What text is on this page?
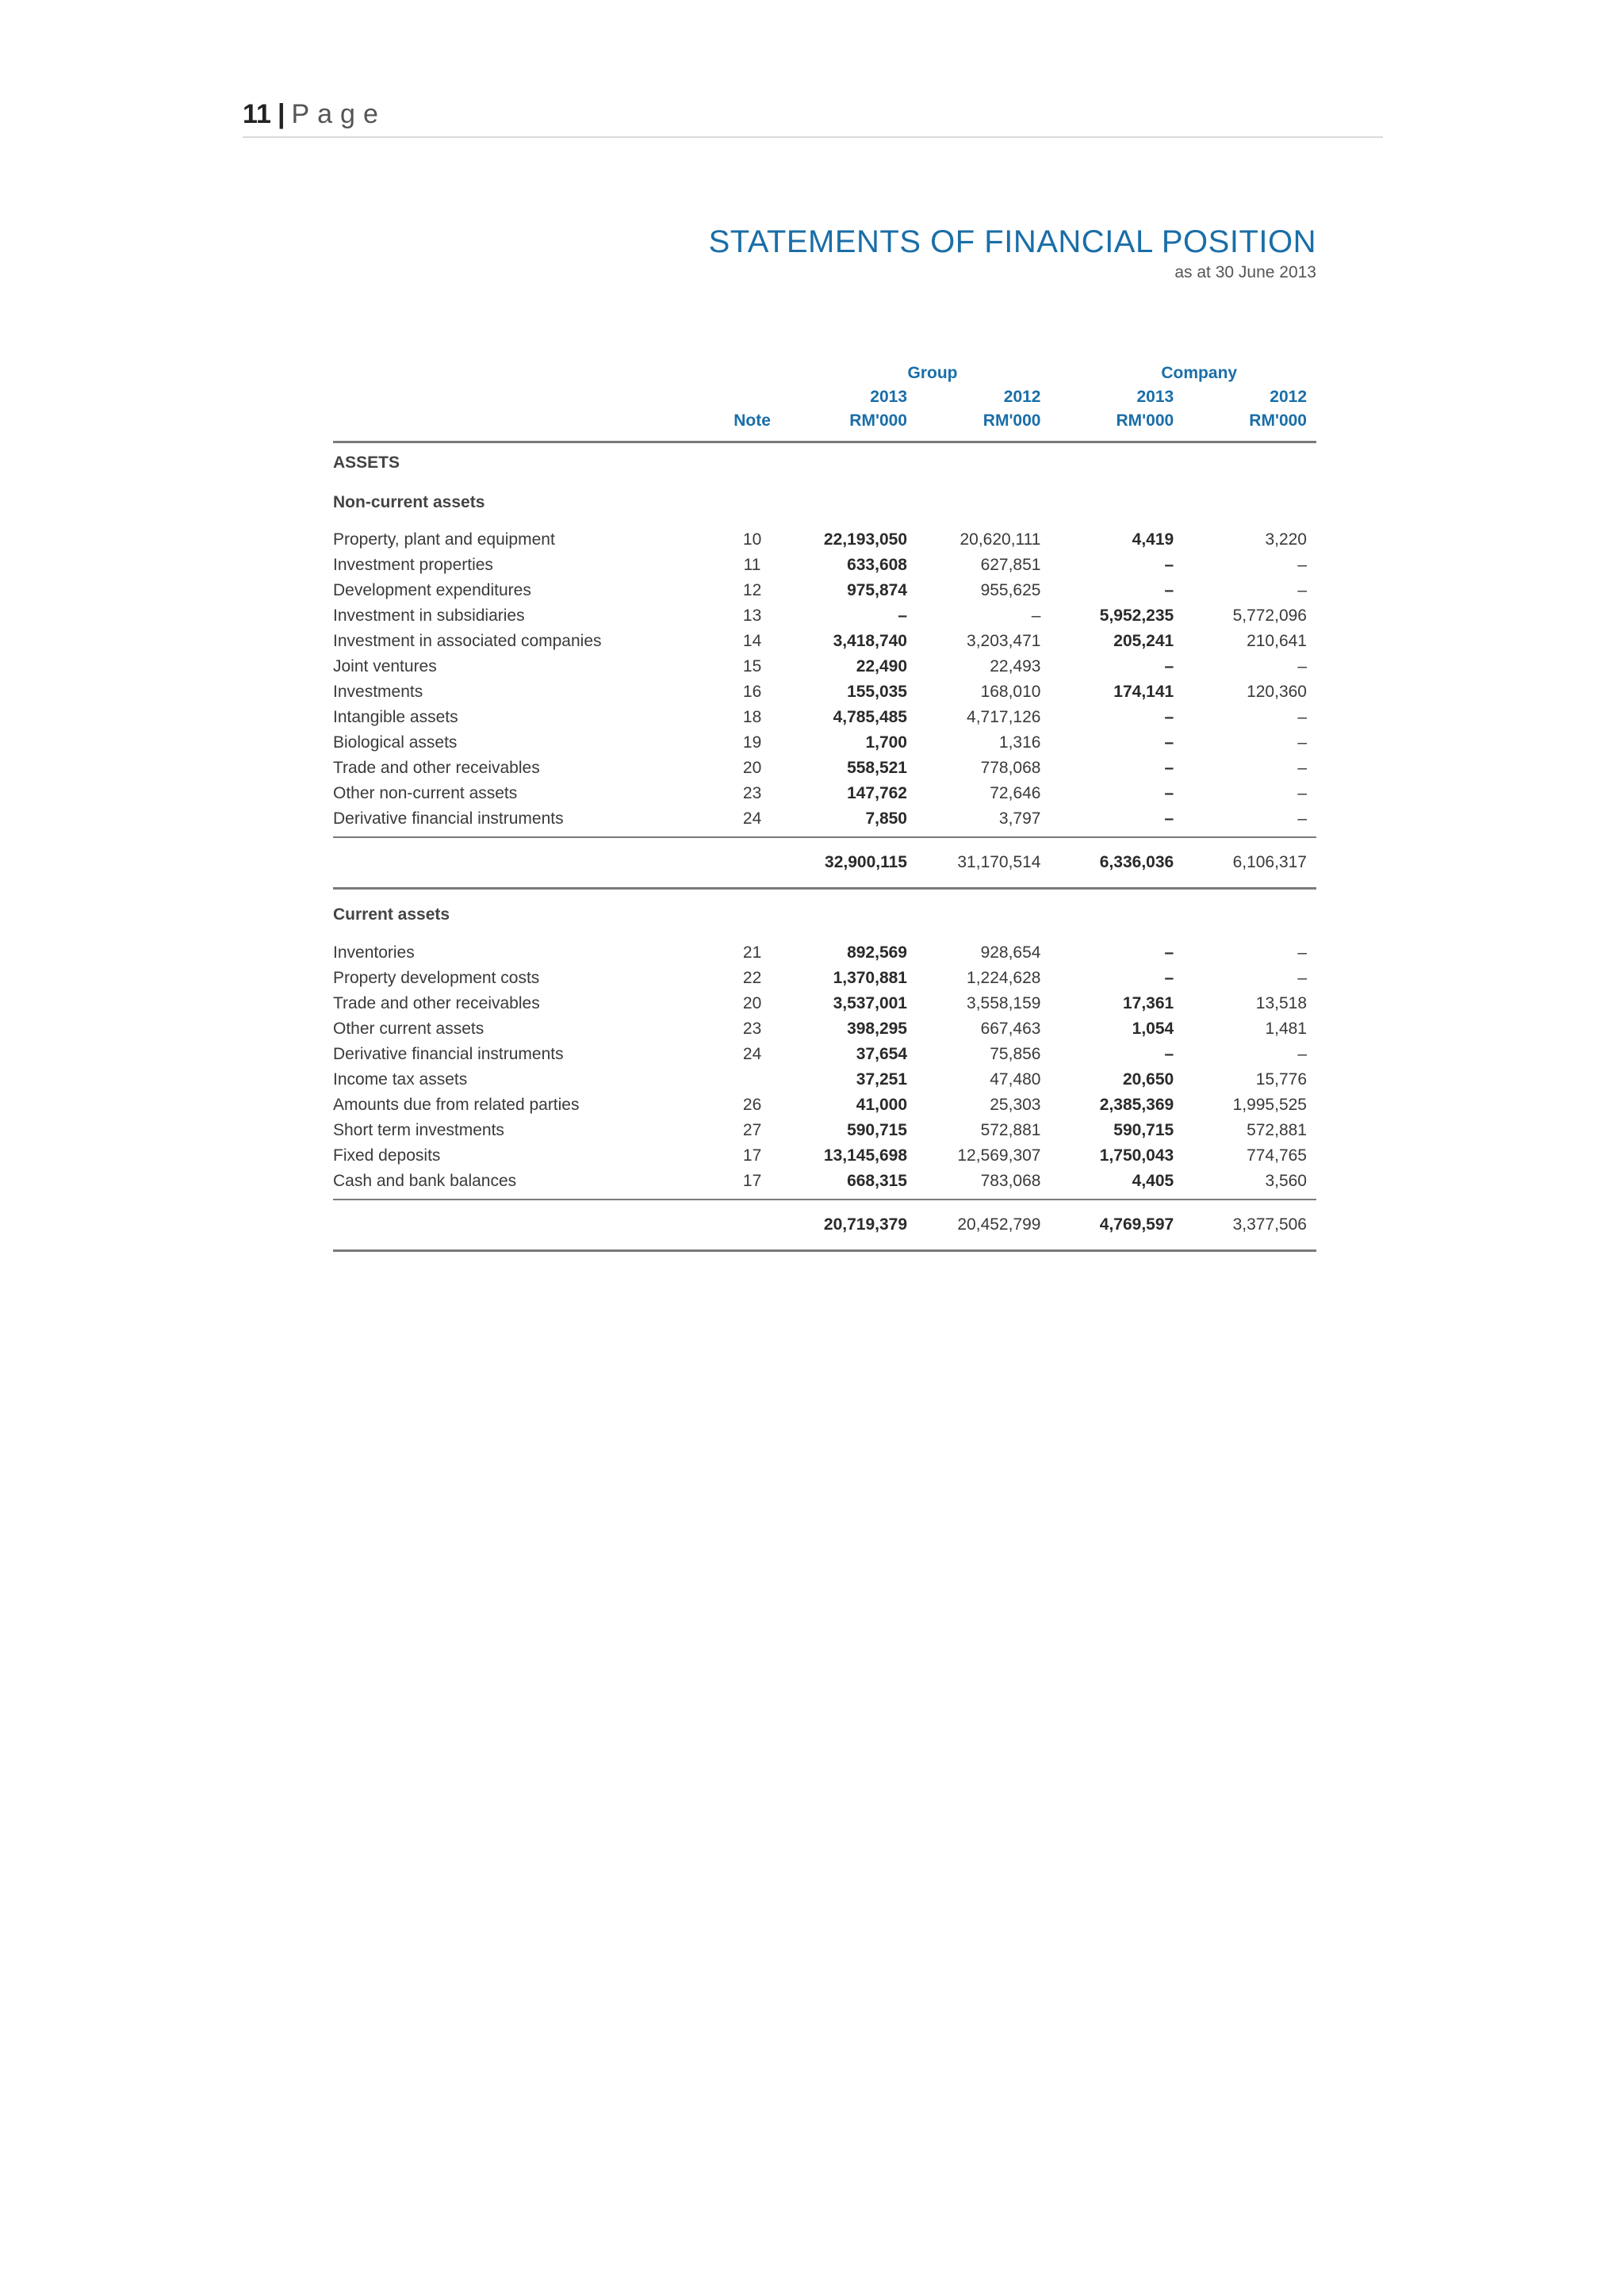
11 | Page
STATEMENTS OF FINANCIAL POSITION
as at 30 June 2013
		Group		Company	
		2013	2012	2013	2012
	Note	RM'000	RM'000	RM'000	RM'000

ASSETS					
Non-current assets					

Property, plant and equipment	10	22,193,050	20,620,111	4,419	3,220
Investment properties	11	633,608	627,851	–	–
Development expenditures	12	975,874	955,625	–	–
Investment in subsidiaries	13	–	–	5,952,235	5,772,096
Investment in associated companies	14	3,418,740	3,203,471	205,241	210,641
Joint ventures	15	22,490	22,493	–	–
Investments	16	155,035	168,010	174,141	120,360
Intangible assets	18	4,785,485	4,717,126	–	–
Biological assets	19	1,700	1,316	–	–
Trade and other receivables	20	558,521	778,068	–	–
Other non-current assets	23	147,762	72,646	–	–
Derivative financial instruments	24	7,850	3,797	–	–

		32,900,115	31,170,514	6,336,036	6,106,317
Current assets					
Inventories	21	892,569	928,654	–	–
Property development costs	22	1,370,881	1,224,628	–	–
Trade and other receivables	20	3,537,001	3,558,159	17,361	13,518
Other current assets	23	398,295	667,463	1,054	1,481
Derivative financial instruments	24	37,654	75,856	–	–
Income tax assets		37,251	47,480	20,650	15,776
Amounts due from related parties	26	41,000	25,303	2,385,369	1,995,525
Short term investments	27	590,715	572,881	590,715	572,881
Fixed deposits	17	13,145,698	12,569,307	1,750,043	774,765
Cash and bank balances	17	668,315	783,068	4,405	3,560

		20,719,379	20,452,799	4,769,597	3,377,506
